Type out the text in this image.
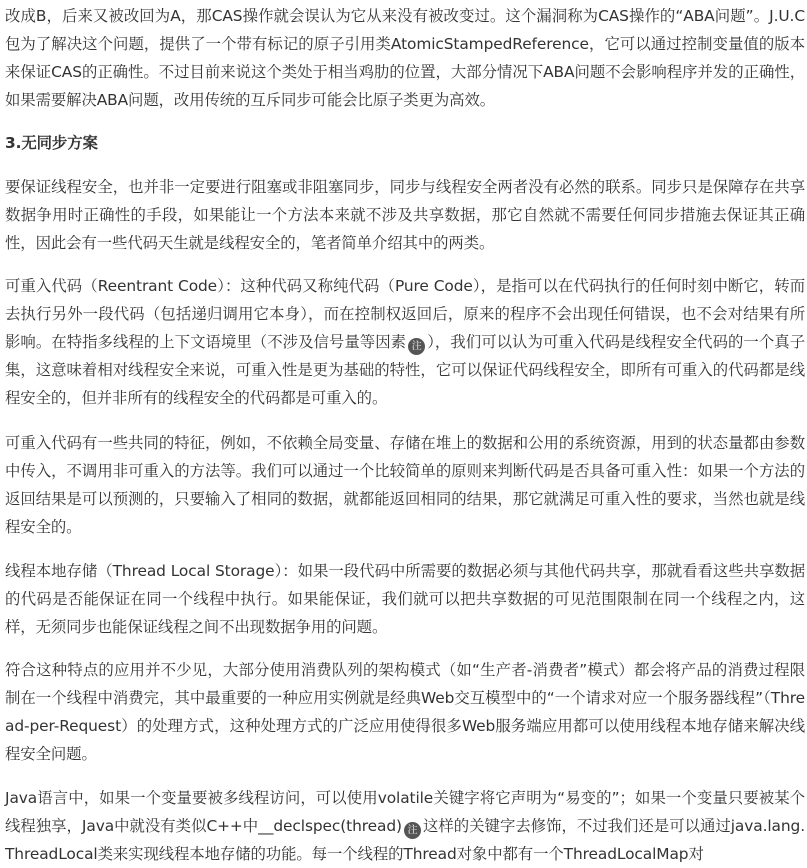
改成B，后来又被改回为A，那CAS操作就会误认为它从来没有被改变过。这个漏洞称为CAS操作的“ABA问题”。J.U.C包为了解决这个问题，提供了一个带有标记的原子引用类AtomicStampedReference，它可以通过控制变量值的版本来保证CAS的正确性。不过目前来说这个类处于相当鸡肋的位置，大部分情况下ABA问题不会影响程序并发的正确性，如果需要解决ABA问题，改用传统的互斥同步可能会比原子类更为高效。

3.无同步方案

要保证线程安全，也并非一定要进行阻塞或非阻塞同步，同步与线程安全两者没有必然的联系。同步只是保障存在共享数据争用时正确性的手段，如果能让一个方法本来就不涉及共享数据，那它自然就不需要任何同步措施去保证其正确性，因此会有一些代码天生就是线程安全的，笔者简单介绍其中的两类。

可重入代码（Reentrant Code）：这种代码又称纯代码（Pure Code），是指可以在代码执行的任何时刻中断它，转而去执行另外一段代码（包括递归调用它本身），而在控制权返回后，原来的程序不会出现任何错误，也不会对结果有所影响。在特指多线程的上下文语境里（不涉及信号量等因素 注 ），我们可以认为可重入代码是线程安全代码的一个真子集，这意味着相对线程安全来说，可重入性是更为基础的特性，它可以保证代码线程安全，即所有可重入的代码都是线程安全的，但并非所有的线程安全的代码都是可重入的。

可重入代码有一些共同的特征，例如，不依赖全局变量、存储在堆上的数据和公用的系统资源，用到的状态量都由参数中传入，不调用非可重入的方法等。我们可以通过一个比较简单的原则来判断代码是否具备可重入性：如果一个方法的返回结果是可以预测的，只要输入了相同的数据，就都能返回相同的结果，那它就满足可重入性的要求，当然也就是线程安全的。

线程本地存储（Thread Local Storage）：如果一段代码中所需要的数据必须与其他代码共享，那就看看这些共享数据的代码是否能保证在同一个线程中执行。如果能保证，我们就可以把共享数据的可见范围限制在同一个线程之内，这样，无须同步也能保证线程之间不出现数据争用的问题。

符合这种特点的应用并不少见，大部分使用消费队列的架构模式（如“生产者-消费者”模式）都会将产品的消费过程限制在一个线程中消费完，其中最重要的一种应用实例就是经典Web交互模型中的“一个请求对应一个服务器线程”（Thread-per-Request）的处理方式，这种处理方式的广泛应用使得很多Web服务端应用都可以使用线程本地存储来解决线程安全问题。

Java语言中，如果一个变量要被多线程访问，可以使用volatile关键字将它声明为“易变的”；如果一个变量只要被某个线程独享，Java中就没有类似C++中__declspec(thread) 注 这样的关键字去修饰，不过我们还是可以通过java.lang.ThreadLocal类来实现线程本地存储的功能。每一个线程的Thread对象中都有一个ThreadLocalMap对
